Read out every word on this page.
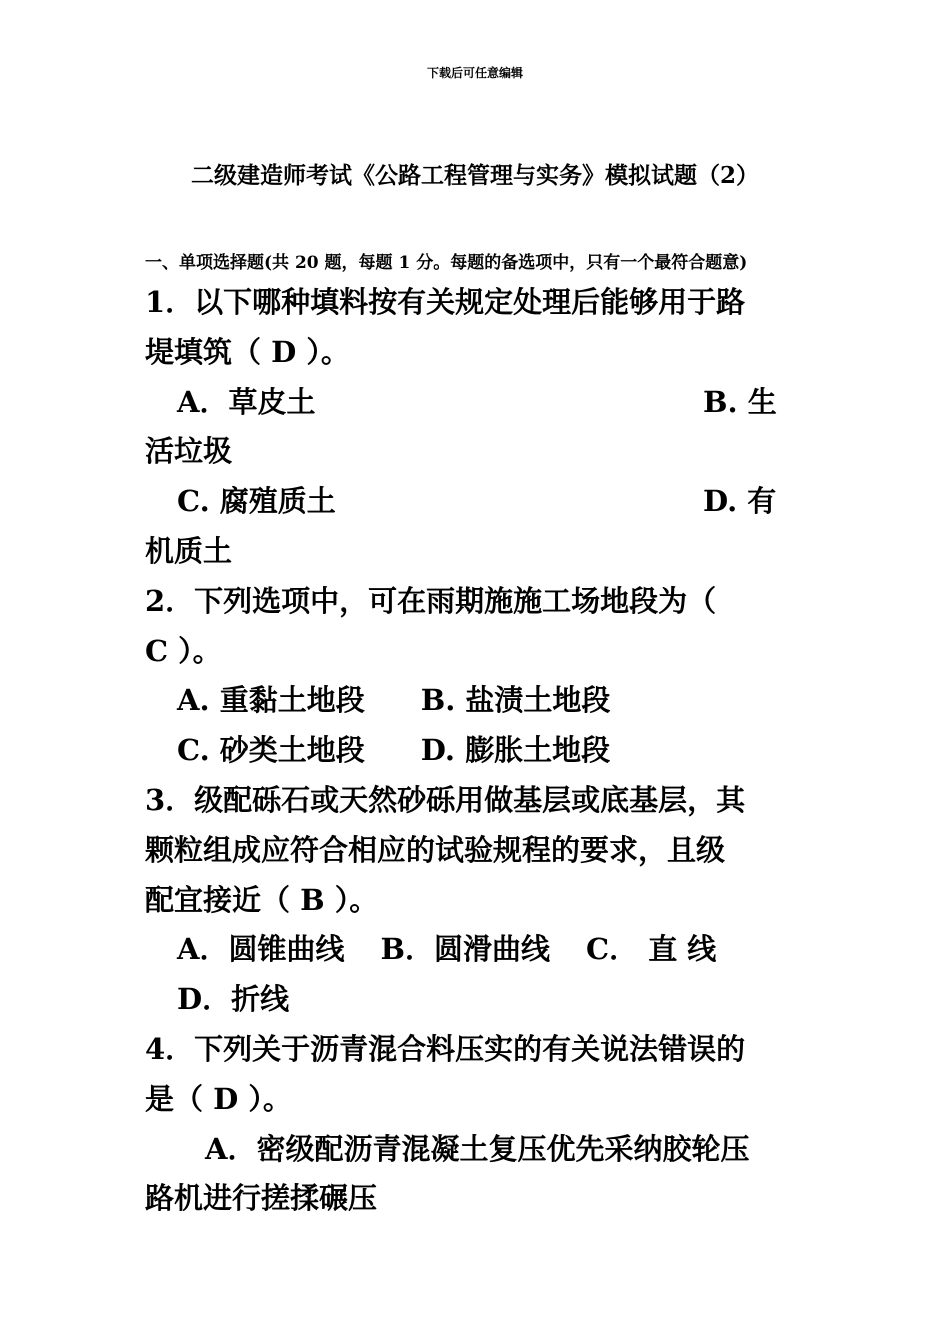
下载后可任意编辑
二级建造师考试《公路工程管理与实务》模拟试题（2）
一、单项选择题(共 20 题，每题 1 分。每题的备选项中，只有一个最符合题意)
1．以下哪种填料按有关规定处理后能够用于路
堤填筑（ D ）。
A．草皮土	B. 生
活垃圾
C. 腐殖质土	D. 有
机质土
2．下列选项中，可在雨期施施工场地段为（
C ）。
A. 重黏土地段 B. 盐渍土地段
C. 砂类土地段 D. 膨胀土地段
3．级配砾石或天然砂砾用做基层或底基层，其
颗粒组成应符合相应的试验规程的要求，且级
配宜接近（ B ）。
A．圆锥曲线 B．圆滑曲线 C． 直 线
D．折线
4．下列关于沥青混合料压实的有关说法错误的
是（ D ）。
A．密级配沥青混凝土复压优先采纳胶轮压
路机进行搓揉碾压
